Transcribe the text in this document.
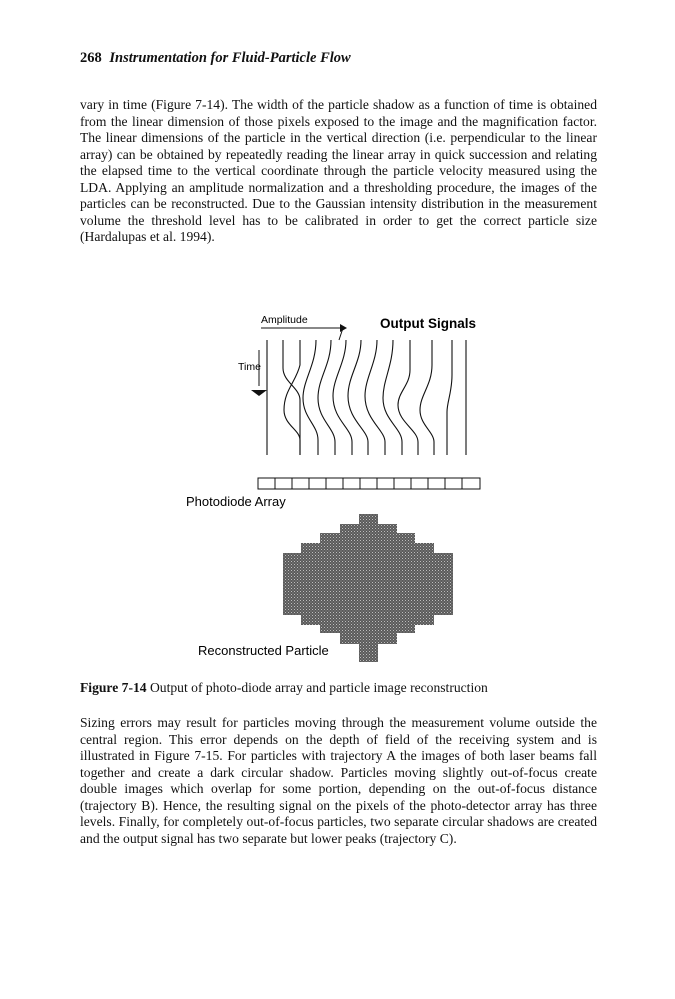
268 Instrumentation for Fluid-Particle Flow

vary in time (Figure 7-14). The width of the particle shadow as a function of time is obtained from the linear dimension of those pixels exposed to the image and the magnification factor. The linear dimensions of the particle in the vertical direction (i.e. perpendicular to the linear array) can be obtained by repeatedly reading the linear array in quick succession and relating the elapsed time to the vertical coordinate through the particle velocity measured using the LDA. Applying an amplitude normalization and a thresholding procedure, the images of the particles can be reconstructed. Due to the Gaussian intensity distribution in the measurement volume the threshold level has to be calibrated in order to get the correct particle size (Hardalupas et al. 1994).

Amplitude	Output Signals
Time
Photodiode Array
Reconstructed Particle
Figure 7-14 Output of photo-diode array and particle image reconstruction

Sizing errors may result for particles moving through the measurement volume outside the central region. This error depends on the depth of field of the receiving system and is illustrated in Figure 7-15. For particles with trajectory A the images of both laser beams fall together and create a dark circular shadow. Particles moving slightly out-of-focus create double images which overlap for some portion, depending on the out-of-focus distance (trajectory B). Hence, the resulting signal on the pixels of the photo-detector array has three levels. Finally, for completely out-of-focus particles, two separate circular shadows are created and the output signal has two separate but lower peaks (trajectory C).
